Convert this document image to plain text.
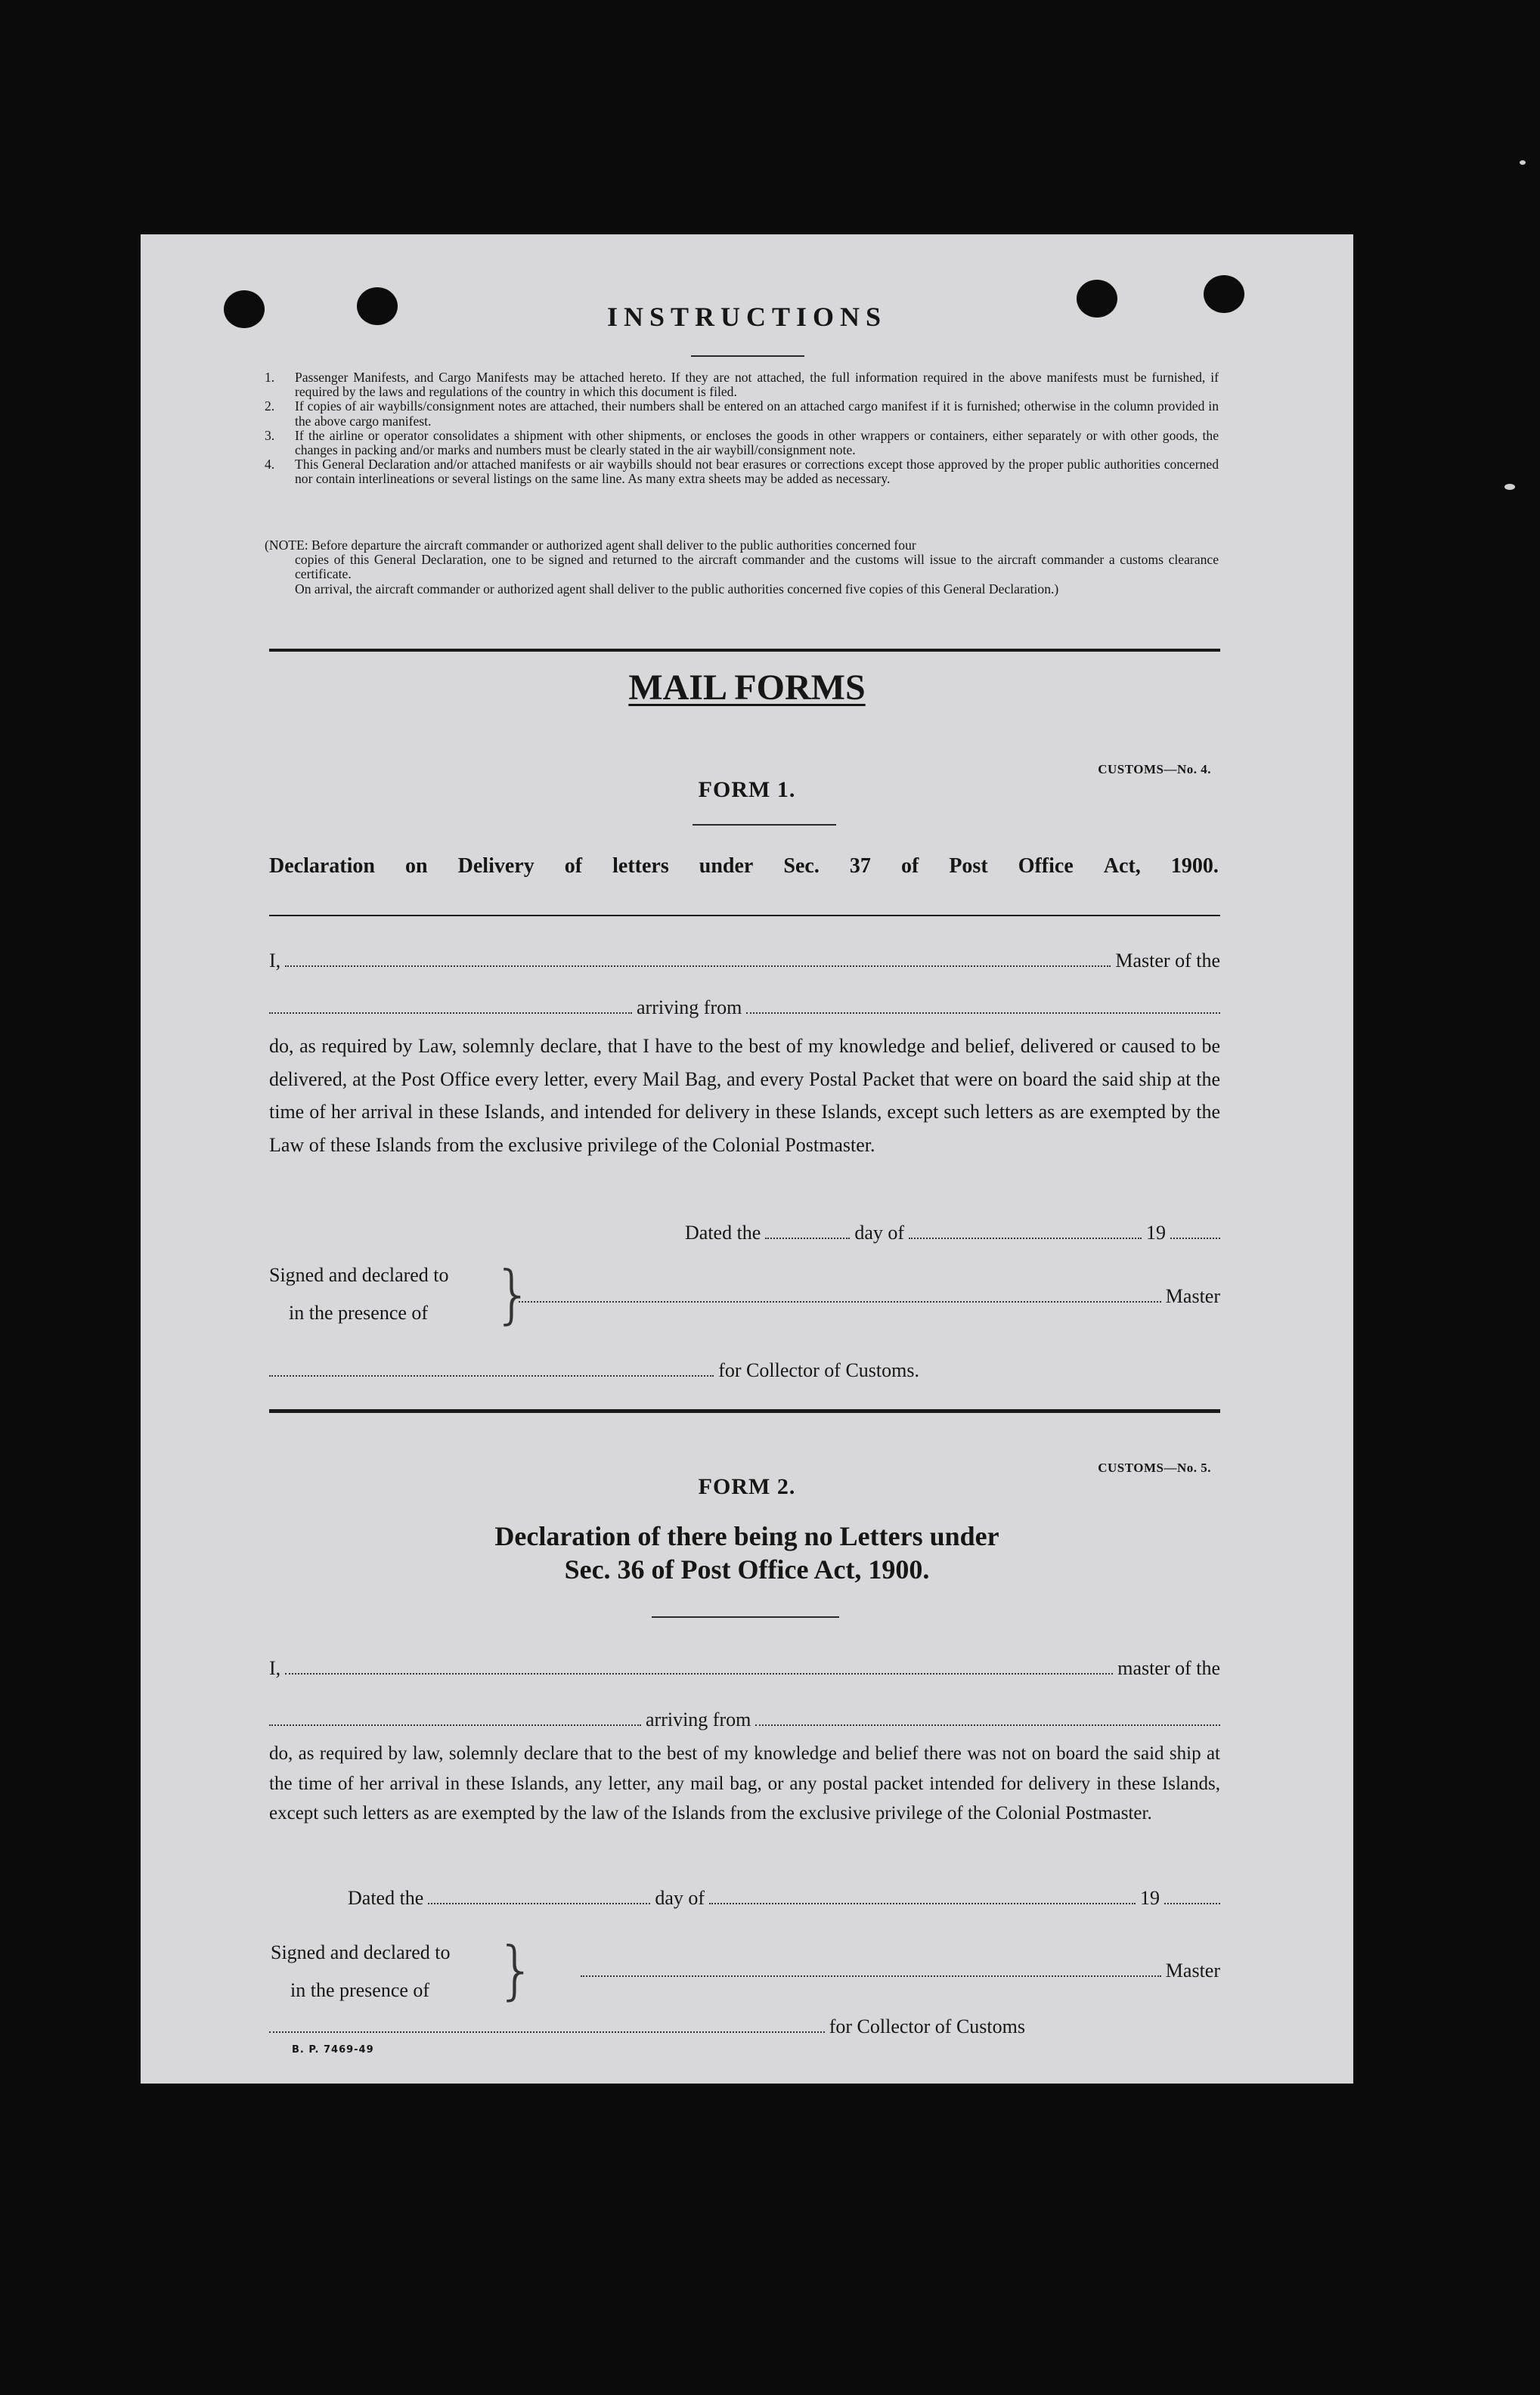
INSTRUCTIONS
1. Passenger Manifests, and Cargo Manifests may be attached hereto. If they are not attached, the full information required in the above manifests must be furnished, if required by the laws and regulations of the country in which this document is filed.
2. If copies of air waybills/consignment notes are attached, their numbers shall be entered on an attached cargo manifest if it is furnished; otherwise in the column provided in the above cargo manifest.
3. If the airline or operator consolidates a shipment with other shipments, or encloses the goods in other wrappers or containers, either separately or with other goods, the changes in packing and/or marks and numbers must be clearly stated in the air waybill/consignment note.
4. This General Declaration and/or attached manifests or air waybills should not bear erasures or corrections except those approved by the proper public authorities concerned nor contain interlineations or several listings on the same line. As many extra sheets may be added as necessary.
(NOTE: Before departure the aircraft commander or authorized agent shall deliver to the public authorities concerned four
copies of this General Declaration, one to be signed and returned to the aircraft commander and the customs will issue to the aircraft commander a customs clearance certificate.
On arrival, the aircraft commander or authorized agent shall deliver to the public authorities concerned five copies of this General Declaration.)
MAIL FORMS
CUSTOMS—No. 4.
FORM 1.
Declaration on Delivery of letters under Sec. 37 of Post Office Act, 1900.
I,	Master of the
arriving from
do, as required by Law, solemnly declare, that I have to the best of my knowledge and belief, delivered or caused to be delivered, at the Post Office every letter, every Mail Bag, and every Postal Packet that were on board the said ship at the time of her arrival in these Islands, and intended for delivery in these Islands, except such letters as are exempted by the Law of these Islands from the exclusive privilege of the Colonial Postmaster.
Dated the	day of	19
Signed and declared to
in the presence of	}	Master
for Collector of Customs.
CUSTOMS—No. 5.
FORM 2.
Declaration of there being no Letters under
Sec. 36 of Post Office Act, 1900.
I,	master of the
arriving from
do, as required by law, solemnly declare that to the best of my knowledge and belief there was not on board the said ship at the time of her arrival in these Islands, any letter, any mail bag, or any postal packet intended for delivery in these Islands, except such letters as are exempted by the law of the Islands from the exclusive privilege of the Colonial Postmaster.
Dated the	day of	19
Signed and declared to
in the presence of	}	Master
for Collector of Customs
B. P. 7469-49
